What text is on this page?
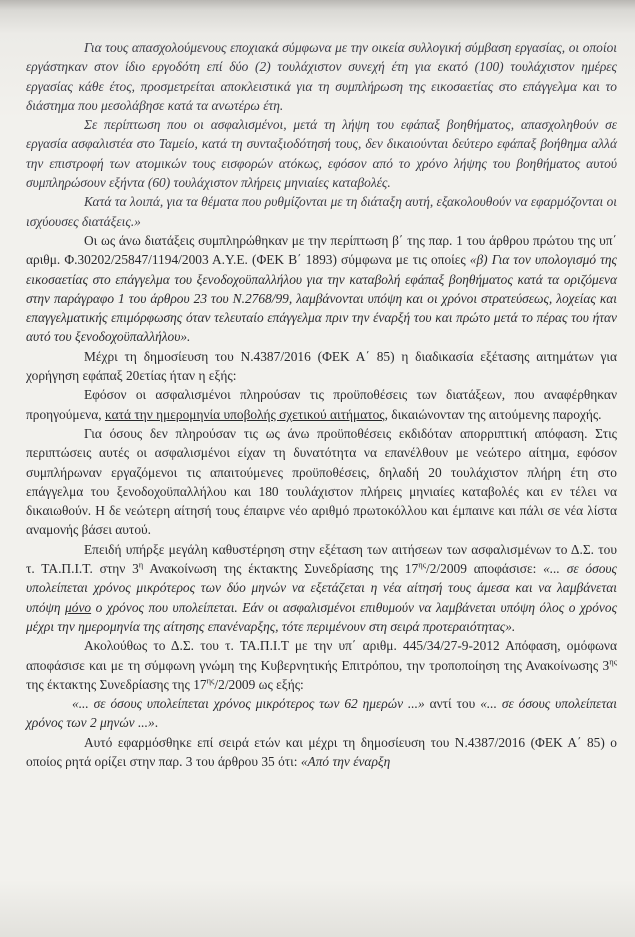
Για τους απασχολούμενους εποχιακά σύμφωνα με την οικεία συλλογική σύμβαση εργασίας, οι οποίοι εργάστηκαν στον ίδιο εργοδότη επί δύο (2) τουλάχιστον συνεχή έτη για εκατό (100) τουλάχιστον ημέρες εργασίας κάθε έτος, προσμετρείται αποκλειστικά για τη συμπλήρωση της εικοσαετίας στο επάγγελμα και το διάστημα που μεσολάβησε κατά τα ανωτέρω έτη.

Σε περίπτωση που οι ασφαλισμένοι, μετά τη λήψη του εφάπαξ βοηθήματος, απασχοληθούν σε εργασία ασφαλιστέα στο Ταμείο, κατά τη συνταξιοδότησή τους, δεν δικαιούνται δεύτερο εφάπαξ βοήθημα αλλά την επιστροφή των ατομικών τους εισφορών ατόκως, εφόσον από το χρόνο λήψης του βοηθήματος αυτού συμπληρώσουν εξήντα (60) τουλάχιστον πλήρεις μηνιαίες καταβολές.

Κατά τα λοιπά, για τα θέματα που ρυθμίζονται με τη διάταξη αυτή, εξακολουθούν να εφαρμόζονται οι ισχύουσες διατάξεις.»

Οι ως άνω διατάξεις συμπληρώθηκαν με την περίπτωση β΄ της παρ. 1 του άρθρου πρώτου της υπ΄ αριθμ. Φ.30202/25847/1194/2003 Α.Υ.Ε. (ΦΕΚ Β΄ 1893) σύμφωνα με τις οποίες «β) Για τον υπολογισμό της εικοσαετίας στο επάγγελμα του ξενοδοχοϋπαλλήλου για την καταβολή εφάπαξ βοηθήματος κατά τα οριζόμενα στην παράγραφο 1 του άρθρου 23 του Ν.2768/99, λαμβάνονται υπόψη και οι χρόνοι στρατεύσεως, λοχείας και επαγγελματικής επιμόρφωσης όταν τελευταίο επάγγελμα πριν την έναρξή του και πρώτο μετά το πέρας του ήταν αυτό του ξενοδοχοϋπαλλήλου».

Μέχρι τη δημοσίευση του Ν.4387/2016 (ΦΕΚ Α΄ 85) η διαδικασία εξέτασης αιτημάτων για χορήγηση εφάπαξ 20ετίας ήταν η εξής:

Εφόσον οι ασφαλισμένοι πληρούσαν τις προϋποθέσεις των διατάξεων, που αναφέρθηκαν προηγούμενα, κατά την ημερομηνία υποβολής σχετικού αιτήματος, δικαιώνονταν της αιτούμενης παροχής.

Για όσους δεν πληρούσαν τις ως άνω προϋποθέσεις εκδιδόταν απορριπτική απόφαση. Στις περιπτώσεις αυτές οι ασφαλισμένοι είχαν τη δυνατότητα να επανέλθουν με νεώτερο αίτημα, εφόσον συμπλήρωναν εργαζόμενοι τις απαιτούμενες προϋποθέσεις, δηλαδή 20 τουλάχιστον πλήρη έτη στο επάγγελμα του ξενοδοχοϋπαλλήλου και 180 τουλάχιστον πλήρεις μηνιαίες καταβολές και εν τέλει να δικαιωθούν. Η δε νεώτερη αίτησή τους έπαιρνε νέο αριθμό πρωτοκόλλου και έμπαινε και πάλι σε νέα λίστα αναμονής βάσει αυτού.

Επειδή υπήρξε μεγάλη καθυστέρηση στην εξέταση των αιτήσεων των ασφαλισμένων το Δ.Σ. του τ. ΤΑ.Π.Ι.Τ. στην $3^\eta$ Ανακοίνωση της έκτακτης Συνεδρίασης της $17^{\eta\varsigma}/2/2009$ αποφάσισε: «... σε όσους υπολείπεται χρόνος μικρότερος των δύο μηνών να εξετάζεται η νέα αίτησή τους άμεσα και να λαμβάνεται υπόψη μόνο ο χρόνος που υπολείπεται. Εάν οι ασφαλισμένοι επιθυμούν να λαμβάνεται υπόψη όλος ο χρόνος μέχρι την ημερομηνία της αίτησης επανέναρξης, τότε περιμένουν στη σειρά προτεραιότητας».

Ακολούθως το Δ.Σ. του τ. ΤΑ.Π.Ι.Τ με την υπ΄ αριθμ. 445/34/27-9-2012 Απόφαση, ομόφωνα αποφάσισε και με τη σύμφωνη γνώμη της Κυβερνητικής Επιτρόπου, την τροποποίηση της Ανακοίνωσης $3^{\eta\varsigma}$ της έκτακτης Συνεδρίασης της $17^{\eta\varsigma}/2/2009$ ως εξής:

«... σε όσους υπολείπεται χρόνος μικρότερος των 62 ημερών ...» αντί του «... σε όσους υπολείπεται χρόνος των 2 μηνών ...».

Αυτό εφαρμόσθηκε επί σειρά ετών και μέχρι τη δημοσίευση του Ν.4387/2016 (ΦΕΚ Α΄ 85) ο οποίος ρητά ορίζει στην παρ. 3 του άρθρου 35 ότι: «Από την έναρξη
